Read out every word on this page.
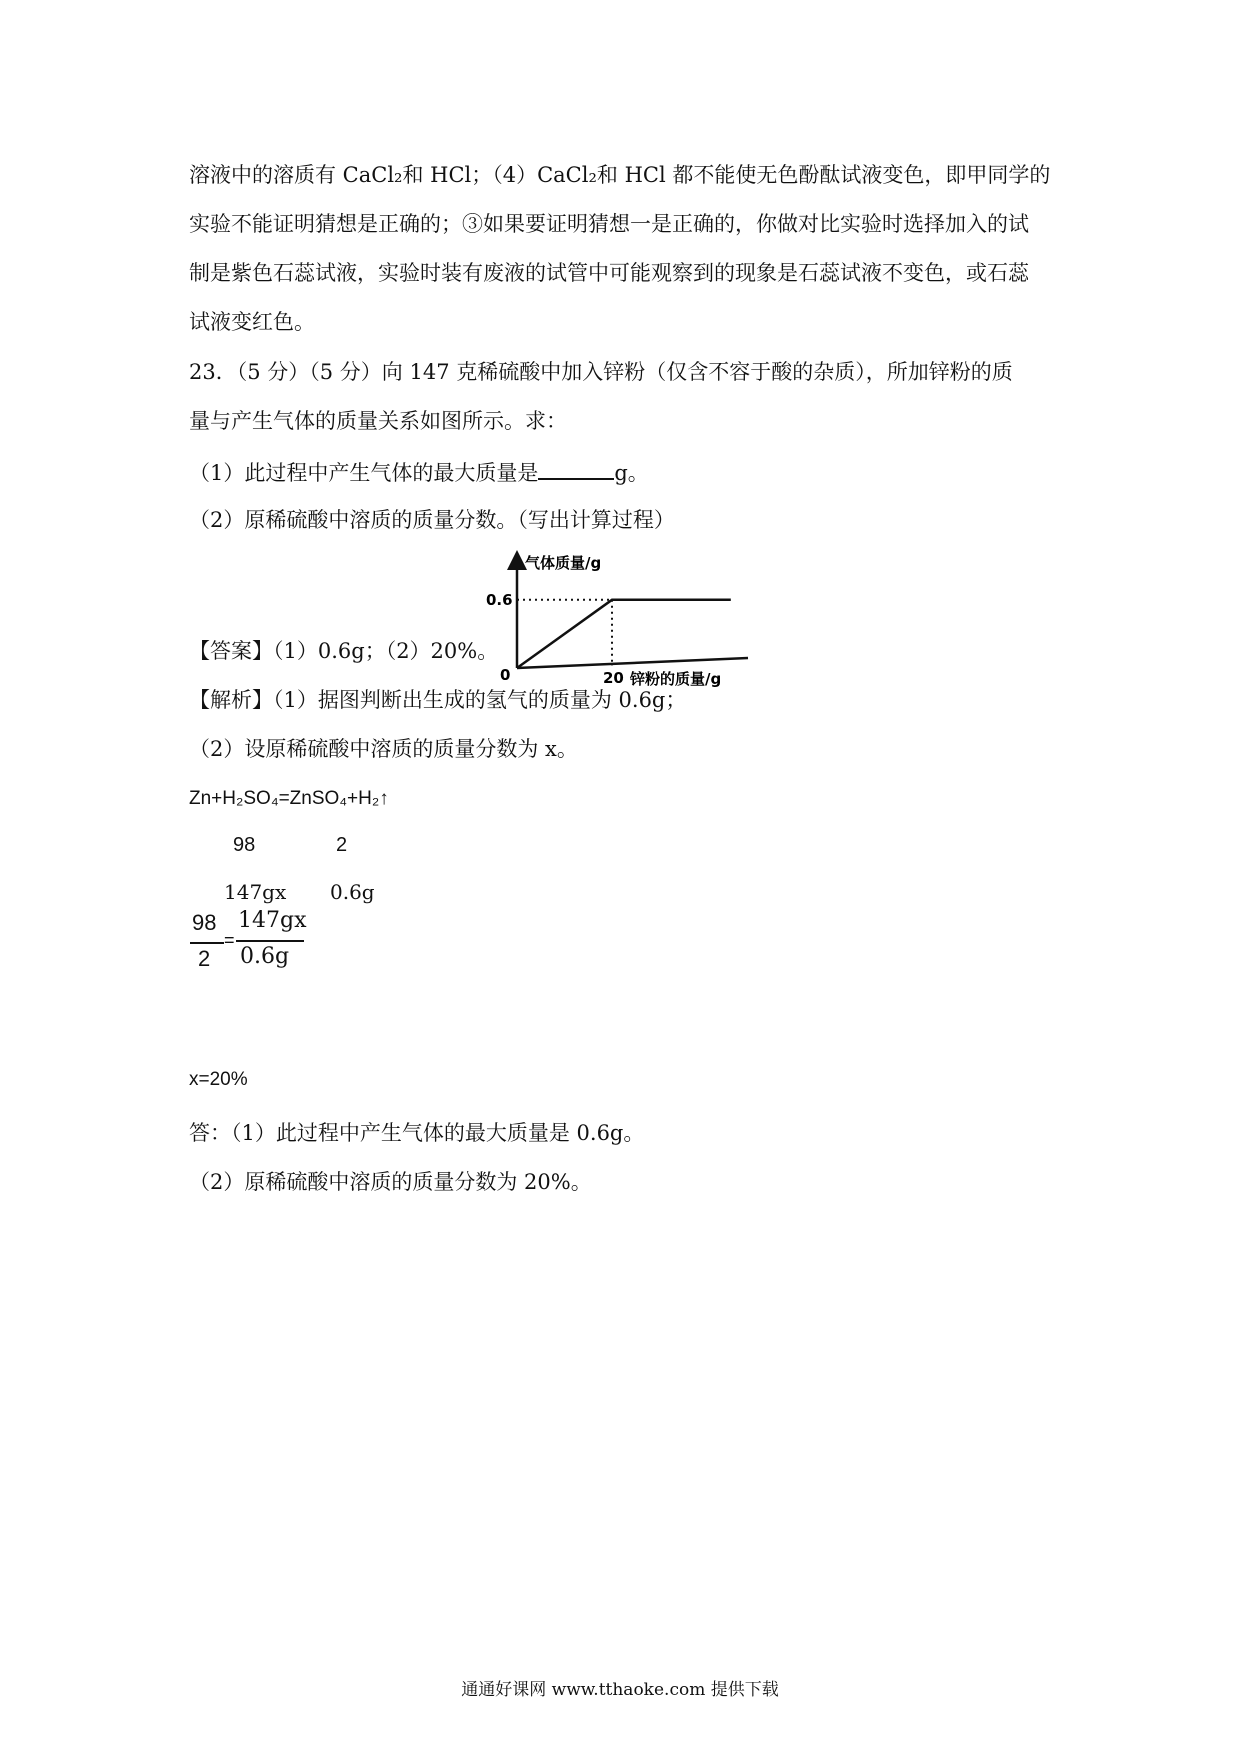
溶液中的溶质有 CaCl₂和 HCl；（4）CaCl₂和 HCl 都不能使无色酚酞试液变色，即甲同学的
实验不能证明猜想是正确的；③如果要证明猜想一是正确的，你做对比实验时选择加入的试
制是紫色石蕊试液，实验时装有废液的试管中可能观察到的现象是石蕊试液不变色，或石蕊
试液变红色。
23．（5 分）（5 分）向 147 克稀硫酸中加入锌粉（仅含不容于酸的杂质），所加锌粉的质
量与产生气体的质量关系如图所示。求：
（1）此过程中产生气体的最大质量是	g。
（2）原稀硫酸中溶质的质量分数。（写出计算过程）
气体质量/g
锌粉的质量/g
0.6
20
0
【答案】（1）0.6g；（2）20%。
【解析】（1）据图判断出生成的氢气的质量为 0.6g；
（2）设原稀硫酸中溶质的质量分数为 x。
Zn+H₂SO₄=ZnSO₄+H₂↑
98	2
147gx 0.6g
98
2
=
147gx
0.6g
x=20%
答：（1）此过程中产生气体的最大质量是 0.6g。
（2）原稀硫酸中溶质的质量分数为 20%。
通通好课网 www.tthaoke.com 提供下载
